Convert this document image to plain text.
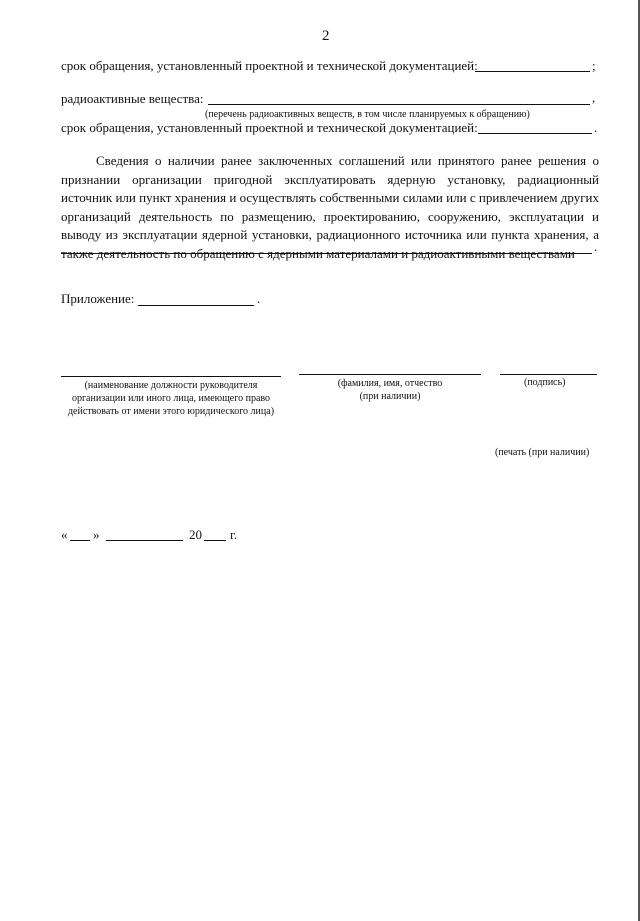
2
срок обращения, установленный проектной и технической документацией:	;
радиоактивные вещества:	,
(перечень радиоактивных веществ, в том числе планируемых к обращению)
срок обращения, установленный проектной и технической документацией:	.
Сведения о наличии ранее заключенных соглашений или принятого ранее решения о признании организации пригодной эксплуатировать ядерную установку, радиационный источник или пункт хранения и осуществлять собственными силами или с привлечением других организаций деятельность по размещению, проектированию, сооружению, эксплуатации и выводу из эксплуатации ядерной установки, радиационного источника или пункта хранения, а также деятельность по обращению с ядерными материалами и радиоактивными веществами	.
Приложение:	.
(наименование должности руководителя организации или иного лица, имеющего право действовать от имени этого юридического лица)
(фамилия, имя, отчество (при наличии)
(подпись)
(печать (при наличии)
« »	20 г.
